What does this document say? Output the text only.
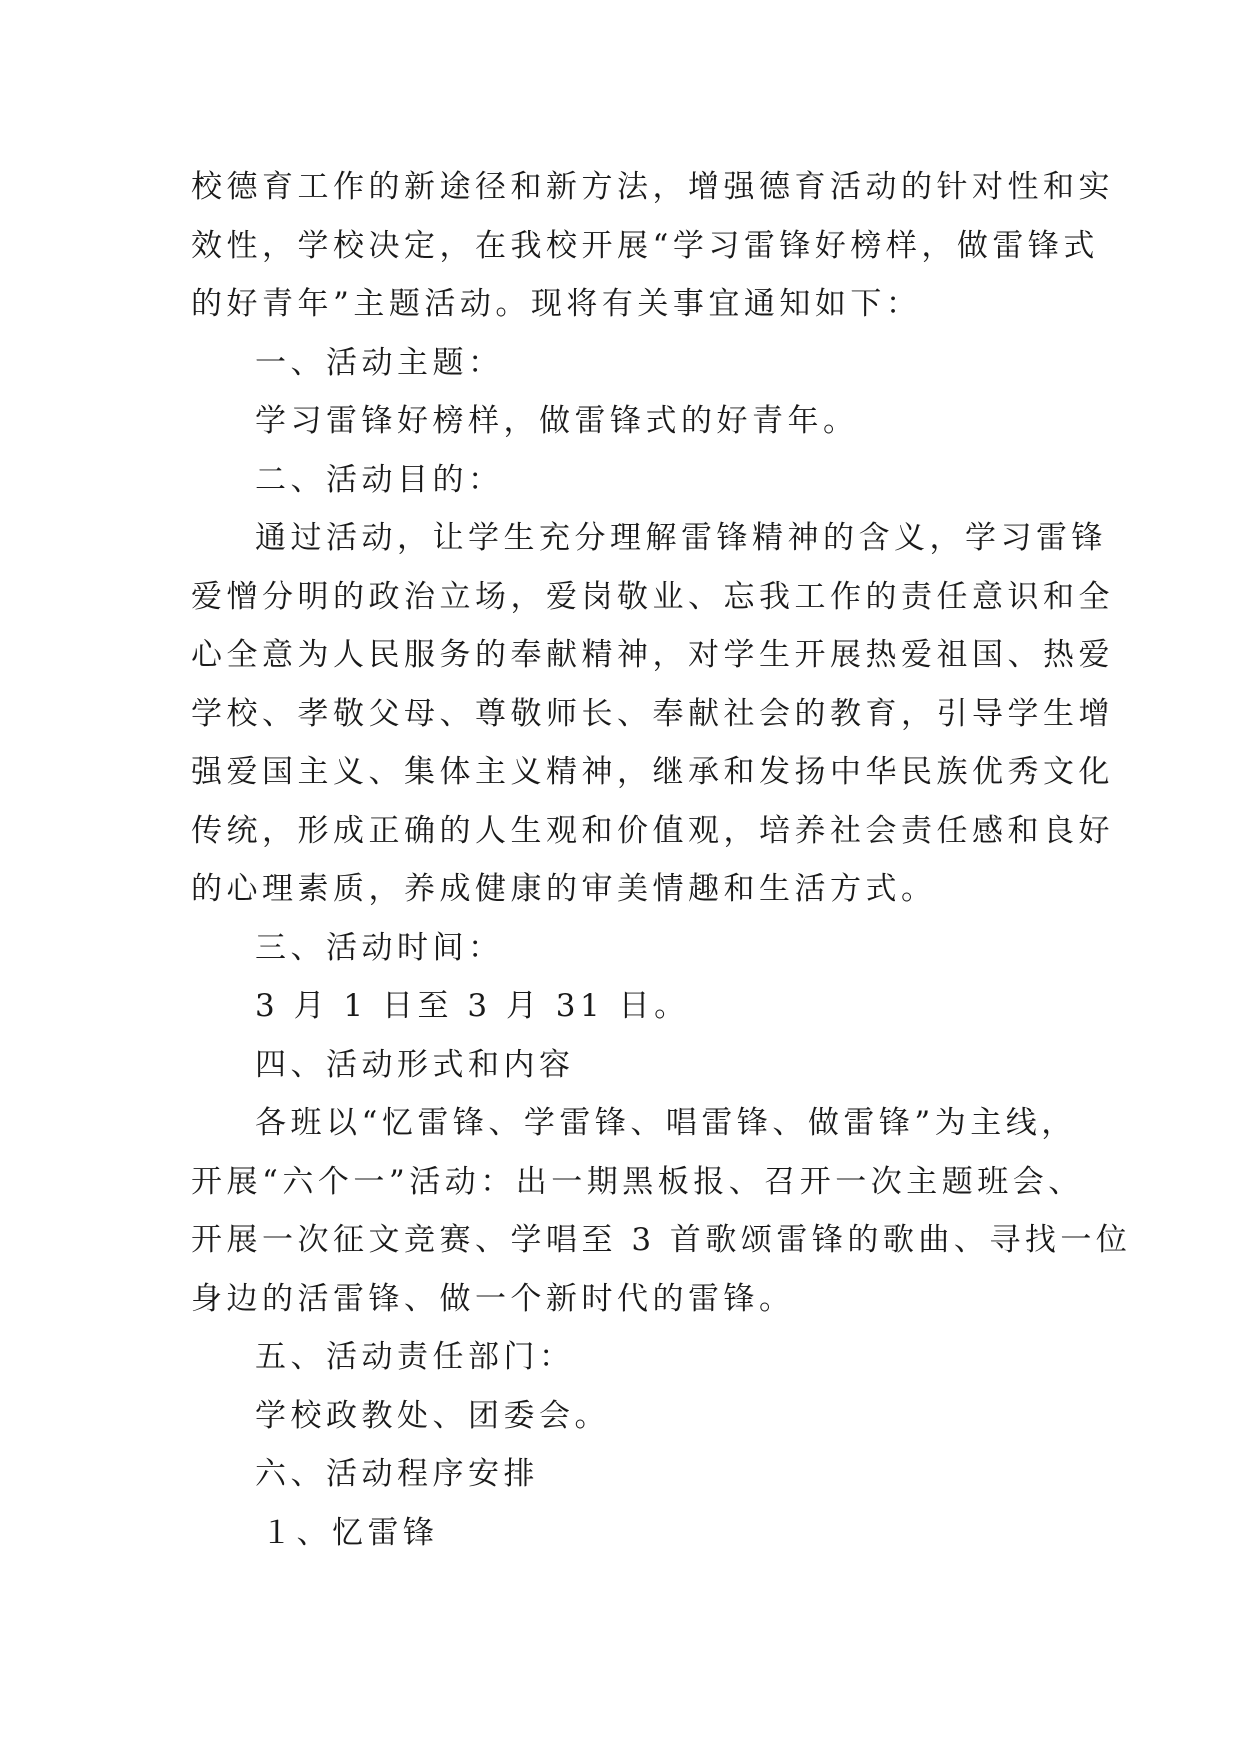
校德育工作的新途径和新方法，增强德育活动的针对性和实
效性，学校决定，在我校开展“学习雷锋好榜样，做雷锋式
的好青年”主题活动。现将有关事宜通知如下：
一、活动主题：
学习雷锋好榜样，做雷锋式的好青年。
二、活动目的：
通过活动，让学生充分理解雷锋精神的含义，学习雷锋
爱憎分明的政治立场，爱岗敬业、忘我工作的责任意识和全
心全意为人民服务的奉献精神，对学生开展热爱祖国、热爱
学校、孝敬父母、尊敬师长、奉献社会的教育，引导学生增
强爱国主义、集体主义精神，继承和发扬中华民族优秀文化
传统，形成正确的人生观和价值观，培养社会责任感和良好
的心理素质，养成健康的审美情趣和生活方式。
三、活动时间：
3 月 1 日至 3 月 31 日。
四、活动形式和内容
各班以“忆雷锋、学雷锋、唱雷锋、做雷锋”为主线，
开展“六个一”活动：出一期黑板报、召开一次主题班会、
开展一次征文竞赛、学唱至 3 首歌颂雷锋的歌曲、寻找一位
身边的活雷锋、做一个新时代的雷锋。
五、活动责任部门：
学校政教处、团委会。
六、活动程序安排
１、忆雷锋
